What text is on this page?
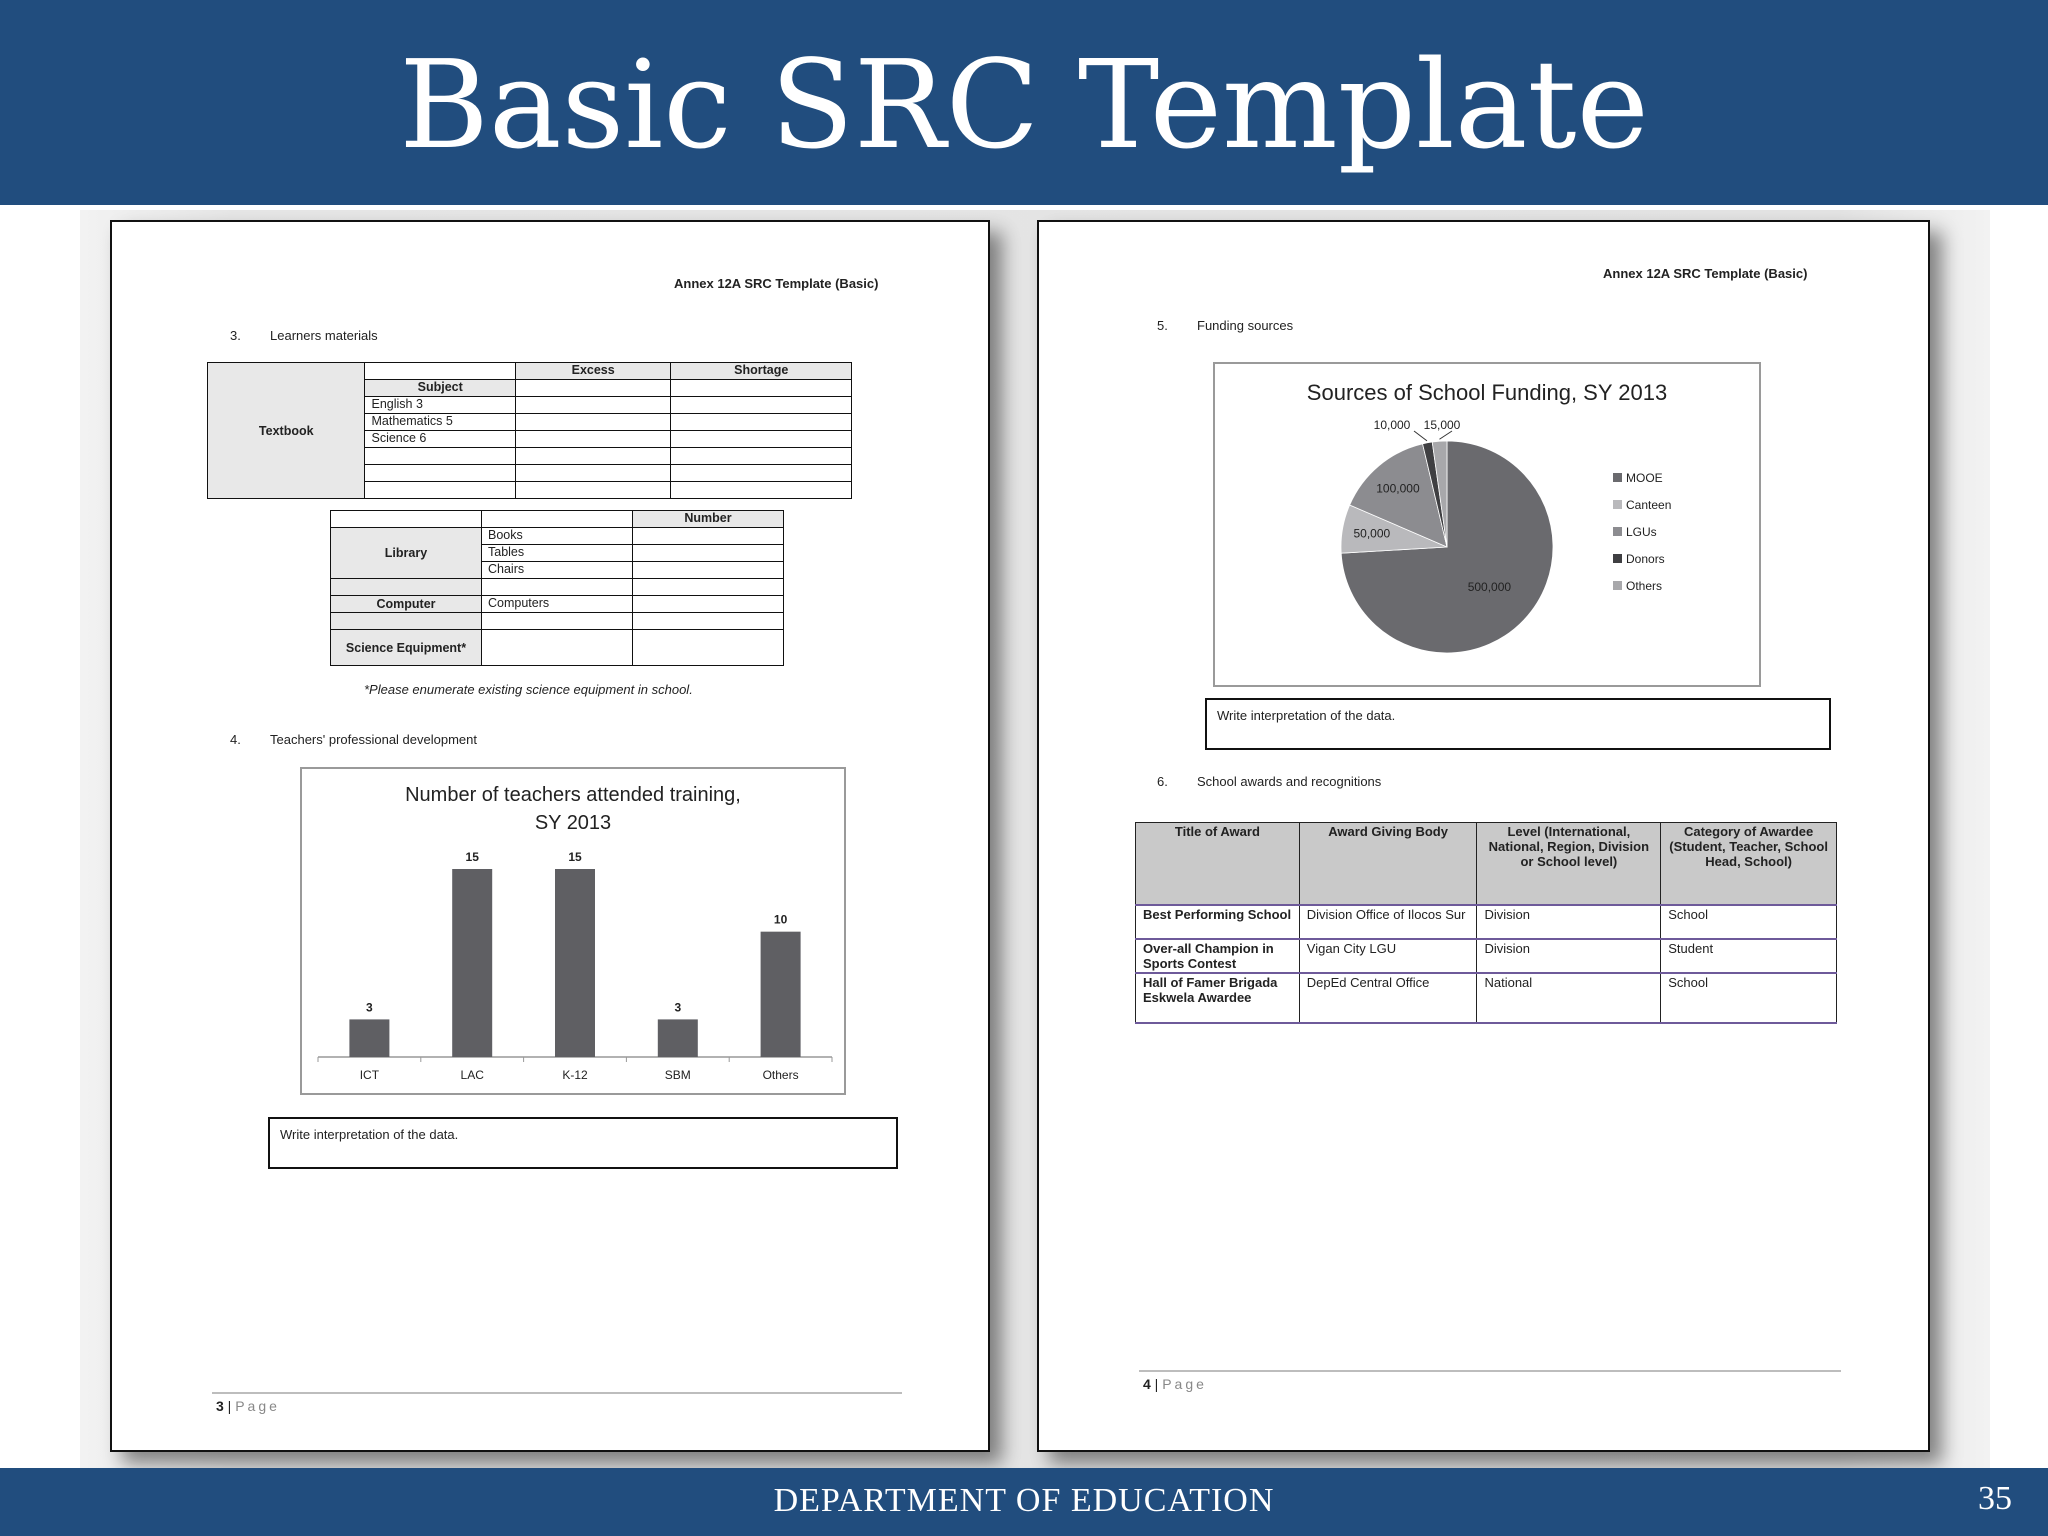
Basic SRC Template
Annex 12A SRC Template (Basic)
3. Learners materials
Textbook		Excess	Shortage
	Subject		
	English 3		
	Mathematics 5		
	Science 6		

		Number
Library	Books	
	Tables	
	Chairs	

Computer	Computers	

Science Equipment*		
*Please enumerate existing science equipment in school.
4. Teachers' professional development
Number of teachers attended training,
SY 2013
3
ICT
15
LAC
15
K-12
3
SBM
10
Others
Write interpretation of the data.
3 | Page
Annex 12A SRC Template (Basic)
5. Funding sources
Sources of School Funding, SY 2013
500,000
50,000
100,000
10,000 15,000
MOOE
Canteen
LGUs
Donors
Others
Write interpretation of the data.
6. School awards and recognitions
Title of Award	Award Giving Body	Level (International, National, Region, Division or School level)	Category of Awardee (Student, Teacher, School Head, School)
Best Performing School	Division Office of Ilocos Sur	Division	School
Over-all Champion in Sports Contest	Vigan City LGU	Division	Student
Hall of Famer Brigada Eskwela Awardee	DepEd Central Office	National	School
4 | Page
DEPARTMENT OF EDUCATION	35
